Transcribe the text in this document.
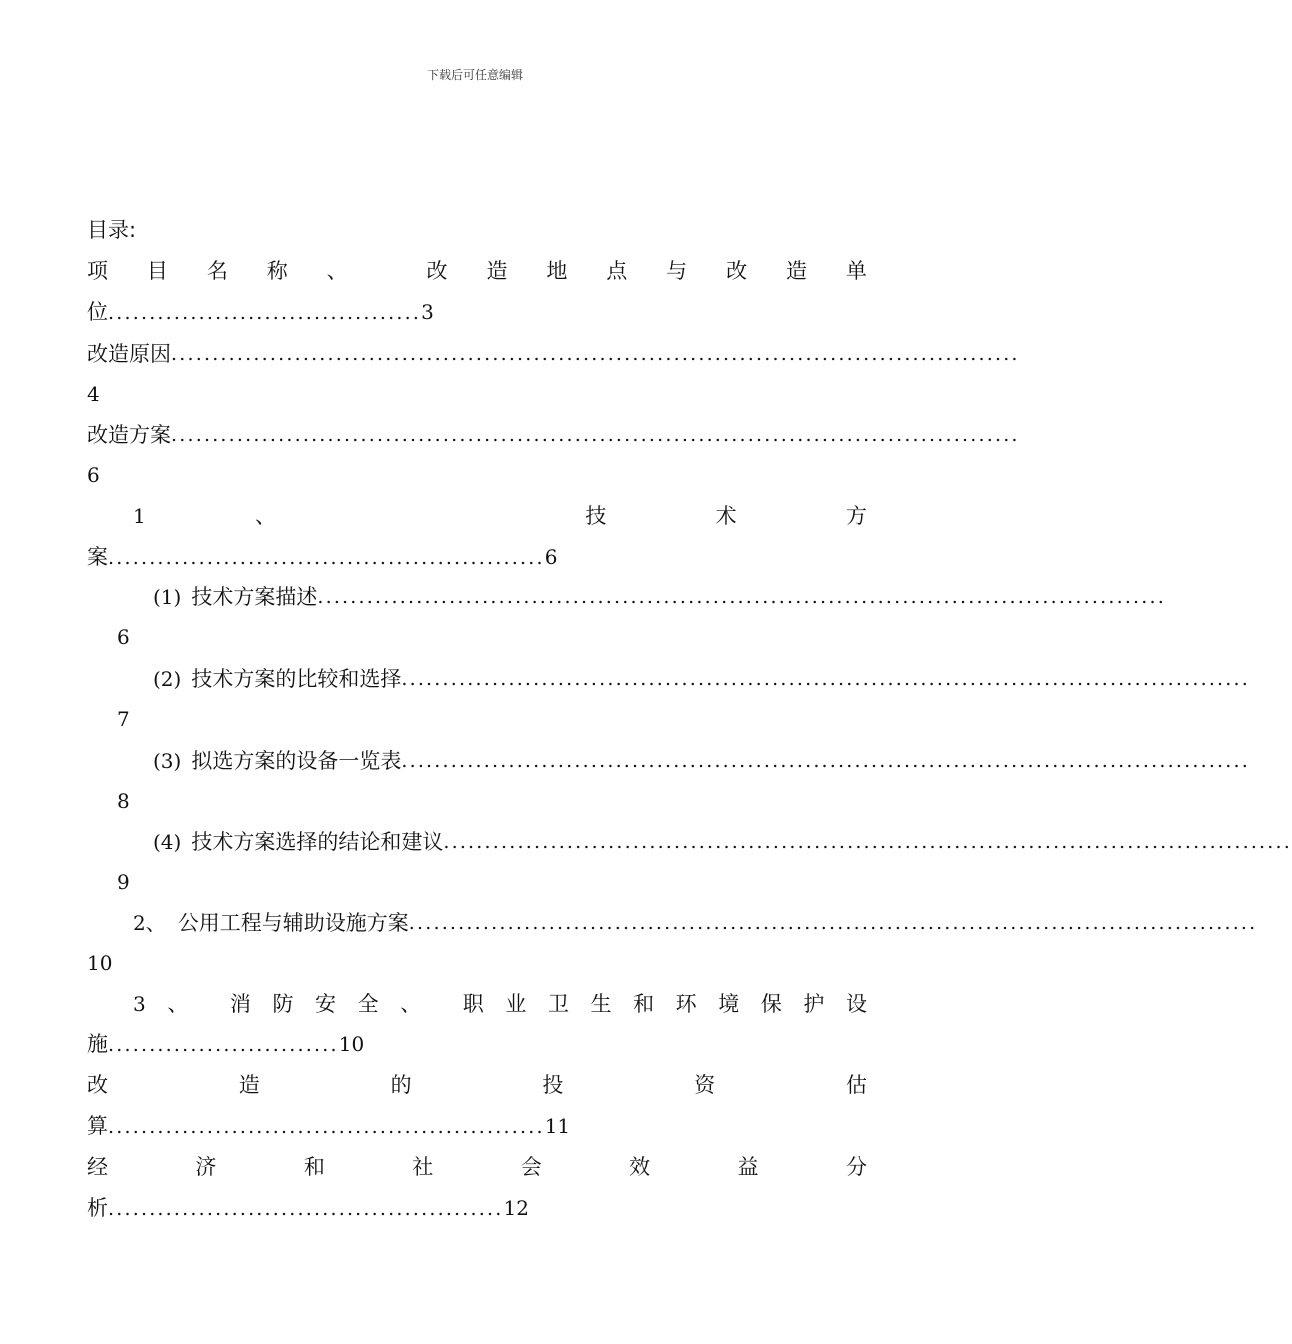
下载后可任意编辑
目录:
项 目 名 称 、	改 造 地 点 与 改 造 单
位......................................3
改造原因 .......................................................................................................
4
改造方案 .......................................................................................................
6
1	、	技	术	方
案.....................................................6
(1) 技术方案描述 .......................................................................................................
6
(2) 技术方案的比较和选择 .......................................................................................................
7
(3) 拟选方案的设备一览表 .......................................................................................................
8
(4) 技术方案选择的结论和建议 .......................................................................................................
9
2、 公用工程与辅助设施方案 .......................................................................................................
10
3 、 消 防 安 全 、 职 业 卫 生 和 环 境 保 护 设
施............................10
改	造	的	投	资	估
算.....................................................11
经	济	和	社	会	效	益	分
析................................................12
